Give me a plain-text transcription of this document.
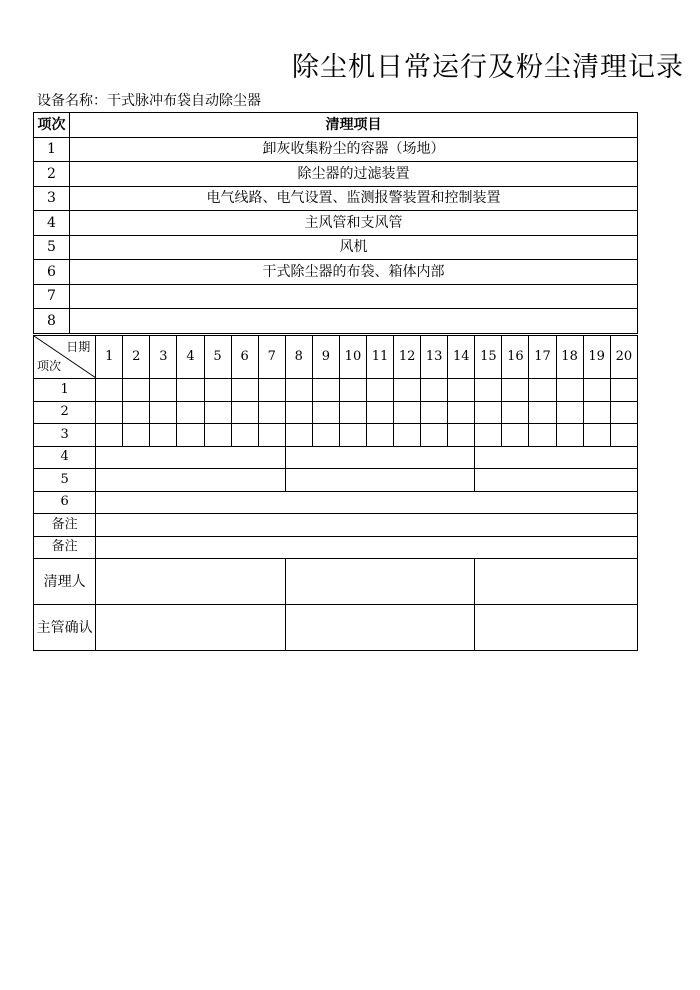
除尘机日常运行及粉尘清理记录
设备名称：干式脉冲布袋自动除尘器
项次	清理项目
1	卸灰收集粉尘的容器（场地）
2	除尘器的过滤装置
3	电气线路、电气设置、监测报警装置和控制装置
4	主风管和支风管
5	风机
6	干式除尘器的布袋、箱体内部
7	
8	
日期
项次	1	2	3	4	5	6	7	8	9	10	11	12	13	14	15	16	17	18	19	20
1																				
2																				
3																				
4																				
5																				
6																				
备注																				
备注																				
清理人																				
主管确认																				
